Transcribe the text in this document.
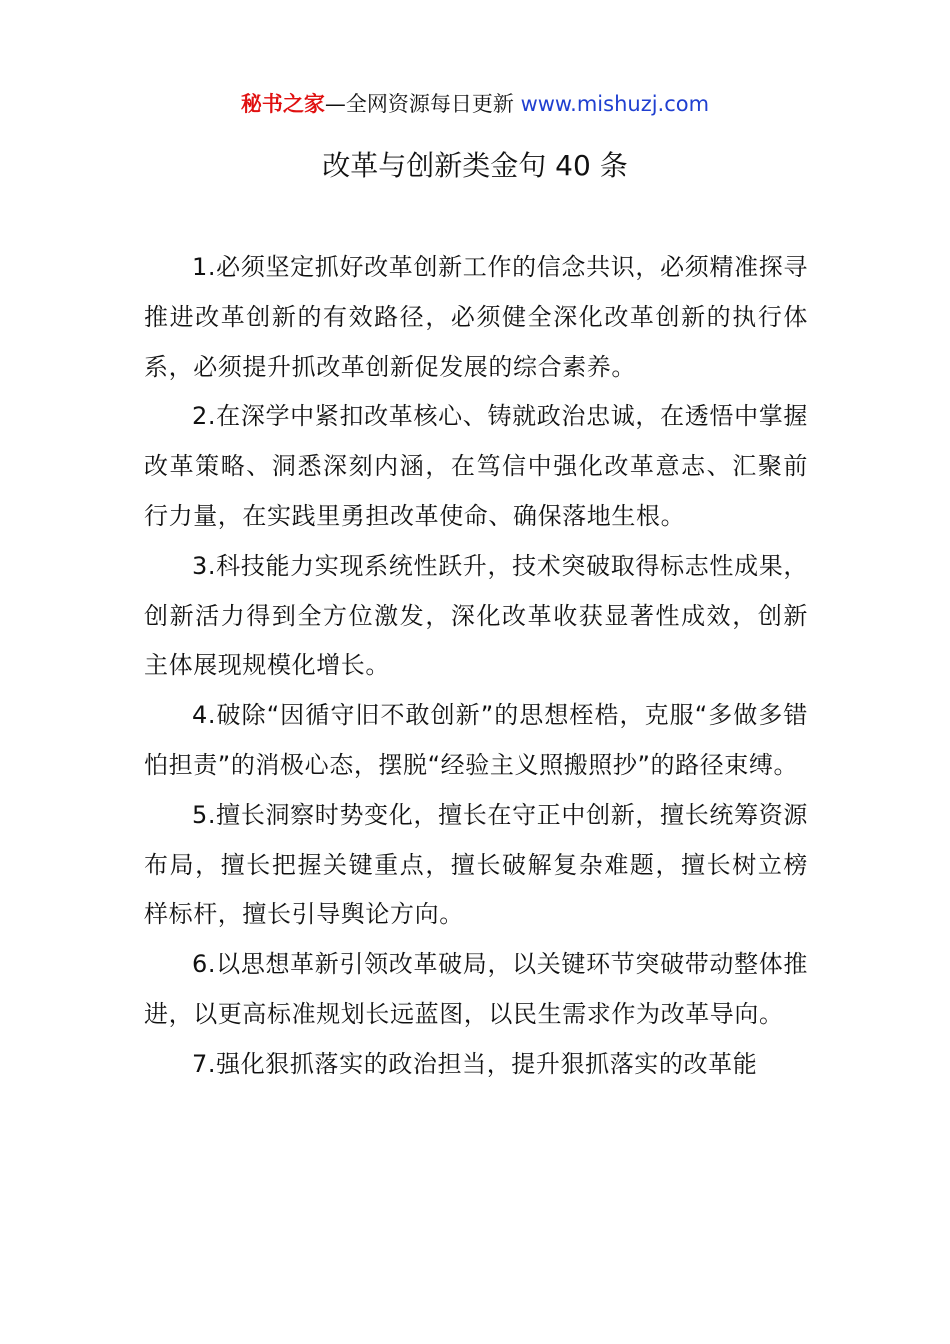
秘书之家—全网资源每日更新 www.mishuzj.com
改革与创新类金句 40 条

1.必须坚定抓好改革创新工作的信念共识，必须精准探寻推进改革创新的有效路径，必须健全深化改革创新的执行体系，必须提升抓改革创新促发展的综合素养。

2.在深学中紧扣改革核心、铸就政治忠诚，在透悟中掌握改革策略、洞悉深刻内涵，在笃信中强化改革意志、汇聚前行力量，在实践里勇担改革使命、确保落地生根。

3.科技能力实现系统性跃升，技术突破取得标志性成果，创新活力得到全方位激发，深化改革收获显著性成效，创新主体展现规模化增长。

4.破除“因循守旧不敢创新”的思想桎梏，克服“多做多错怕担责”的消极心态，摆脱“经验主义照搬照抄”的路径束缚。

5.擅长洞察时势变化，擅长在守正中创新，擅长统筹资源布局，擅长把握关键重点，擅长破解复杂难题，擅长树立榜样标杆，擅长引导舆论方向。

6.以思想革新引领改革破局，以关键环节突破带动整体推进，以更高标准规划长远蓝图，以民生需求作为改革导向。

7.强化狠抓落实的政治担当，提升狠抓落实的改革能
